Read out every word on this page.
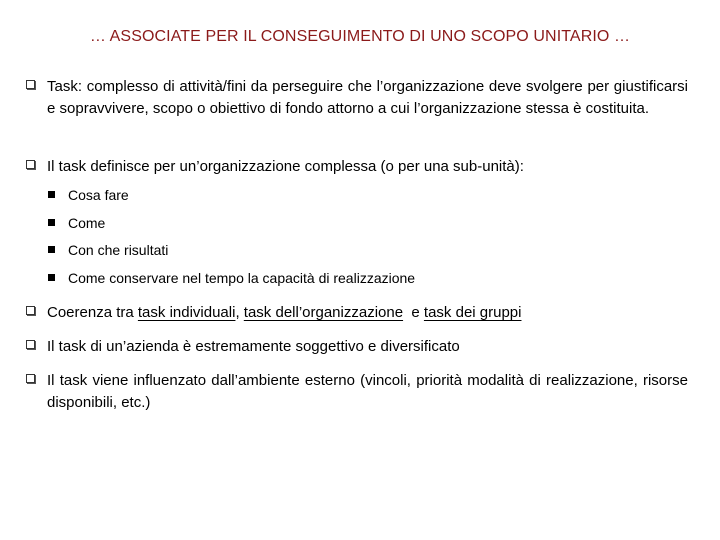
… ASSOCIATE PER IL CONSEGUIMENTO DI UNO SCOPO UNITARIO …
Task: complesso di attività/fini da perseguire che l’organizzazione deve svolgere per giustificarsi e sopravvivere, scopo o obiettivo di fondo attorno a cui l’organizzazione stessa è costituita.
Il task definisce per un’organizzazione complessa (o per una sub-unità):
Cosa fare
Come
Con che risultati
Come conservare nel tempo la capacità di realizzazione
Coerenza tra task individuali, task dell’organizzazione  e task dei gruppi
Il task di un’azienda è estremamente soggettivo e diversificato
Il task viene influenzato dall’ambiente esterno (vincoli, priorità modalità di realizzazione, risorse disponibili, etc.)
